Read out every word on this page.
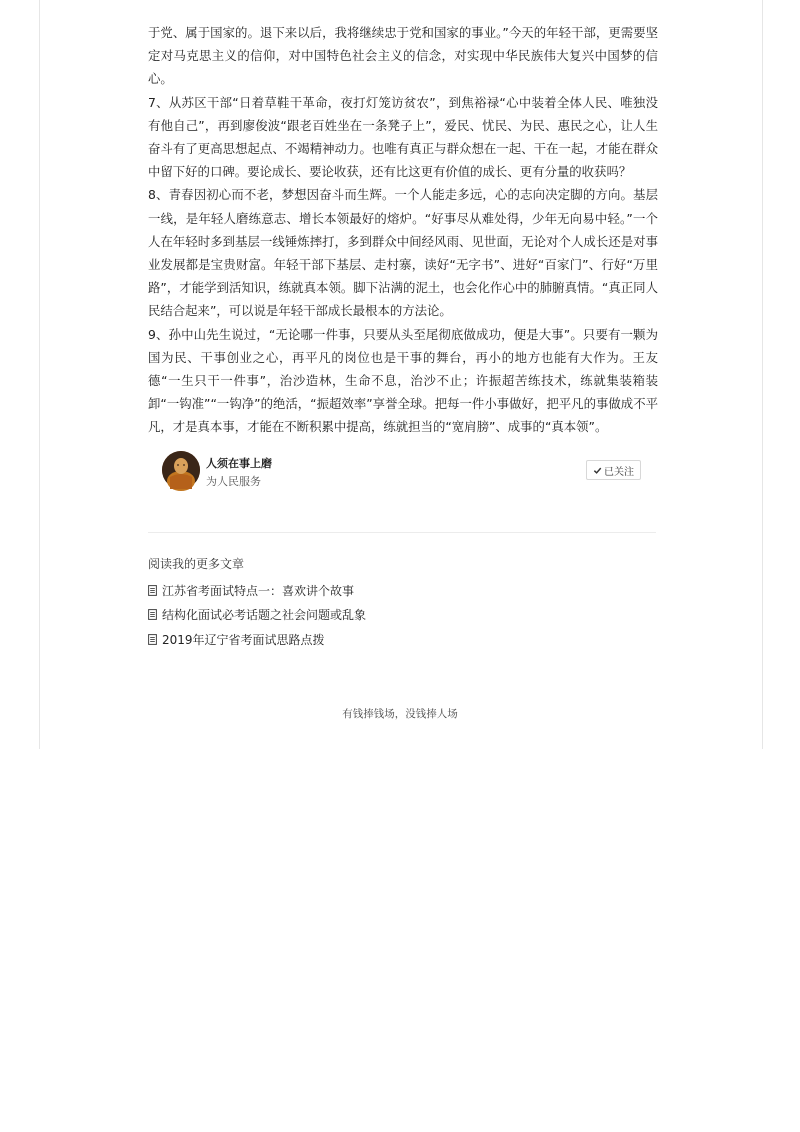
于党、属于国家的。退下来以后，我将继续忠于党和国家的事业。”今天的年轻干部，更需要坚定对马克思主义的信仰，对中国特色社会主义的信念，对实现中华民族伟大复兴中国梦的信心。

7、从苏区干部“日着草鞋干革命，夜打灯笼访贫农”，到焦裕禄“心中装着全体人民、唯独没有他自己”，再到廖俊波“跟老百姓坐在一条凳子上”，爱民、忧民、为民、惠民之心，让人生奋斗有了更高思想起点、不竭精神动力。也唯有真正与群众想在一起、干在一起，才能在群众中留下好的口碑。要论成长、要论收获，还有比这更有价值的成长、更有分量的收获吗？

8、青春因初心而不老，梦想因奋斗而生辉。一个人能走多远，心的志向决定脚的方向。基层一线，是年轻人磨练意志、增长本领最好的熔炉。“好事尽从难处得，少年无向易中轻。”一个人在年轻时多到基层一线锤炼摔打，多到群众中间经风雨、见世面，无论对个人成长还是对事业发展都是宝贵财富。年轻干部下基层、走村寨，读好“无字书”、进好“百家门”、行好“万里路”，才能学到活知识，练就真本领。脚下沾满的泥土，也会化作心中的肺腑真情。“真正同人民结合起来”，可以说是年轻干部成长最根本的方法论。

9、孙中山先生说过，“无论哪一件事，只要从头至尾彻底做成功，便是大事”。只要有一颗为国为民、干事创业之心，再平凡的岗位也是干事的舞台，再小的地方也能有大作为。王友德“一生只干一件事”，治沙造林，生命不息，治沙不止；许振超苦练技术，练就集装箱装卸“一钩准”“一钩净”的绝活，“振超效率”享誉全球。把每一件小事做好，把平凡的事做成不平凡，才是真本事，才能在不断积累中提高，练就担当的“宽肩膀”、成事的“真本领”。

人须在事上磨
为人民服务
已关注
阅读我的更多文章
江苏省考面试特点一：喜欢讲个故事
结构化面试必考话题之社会问题或乱象
2019年辽宁省考面试思路点拨
有钱捧钱场，没钱捧人场
